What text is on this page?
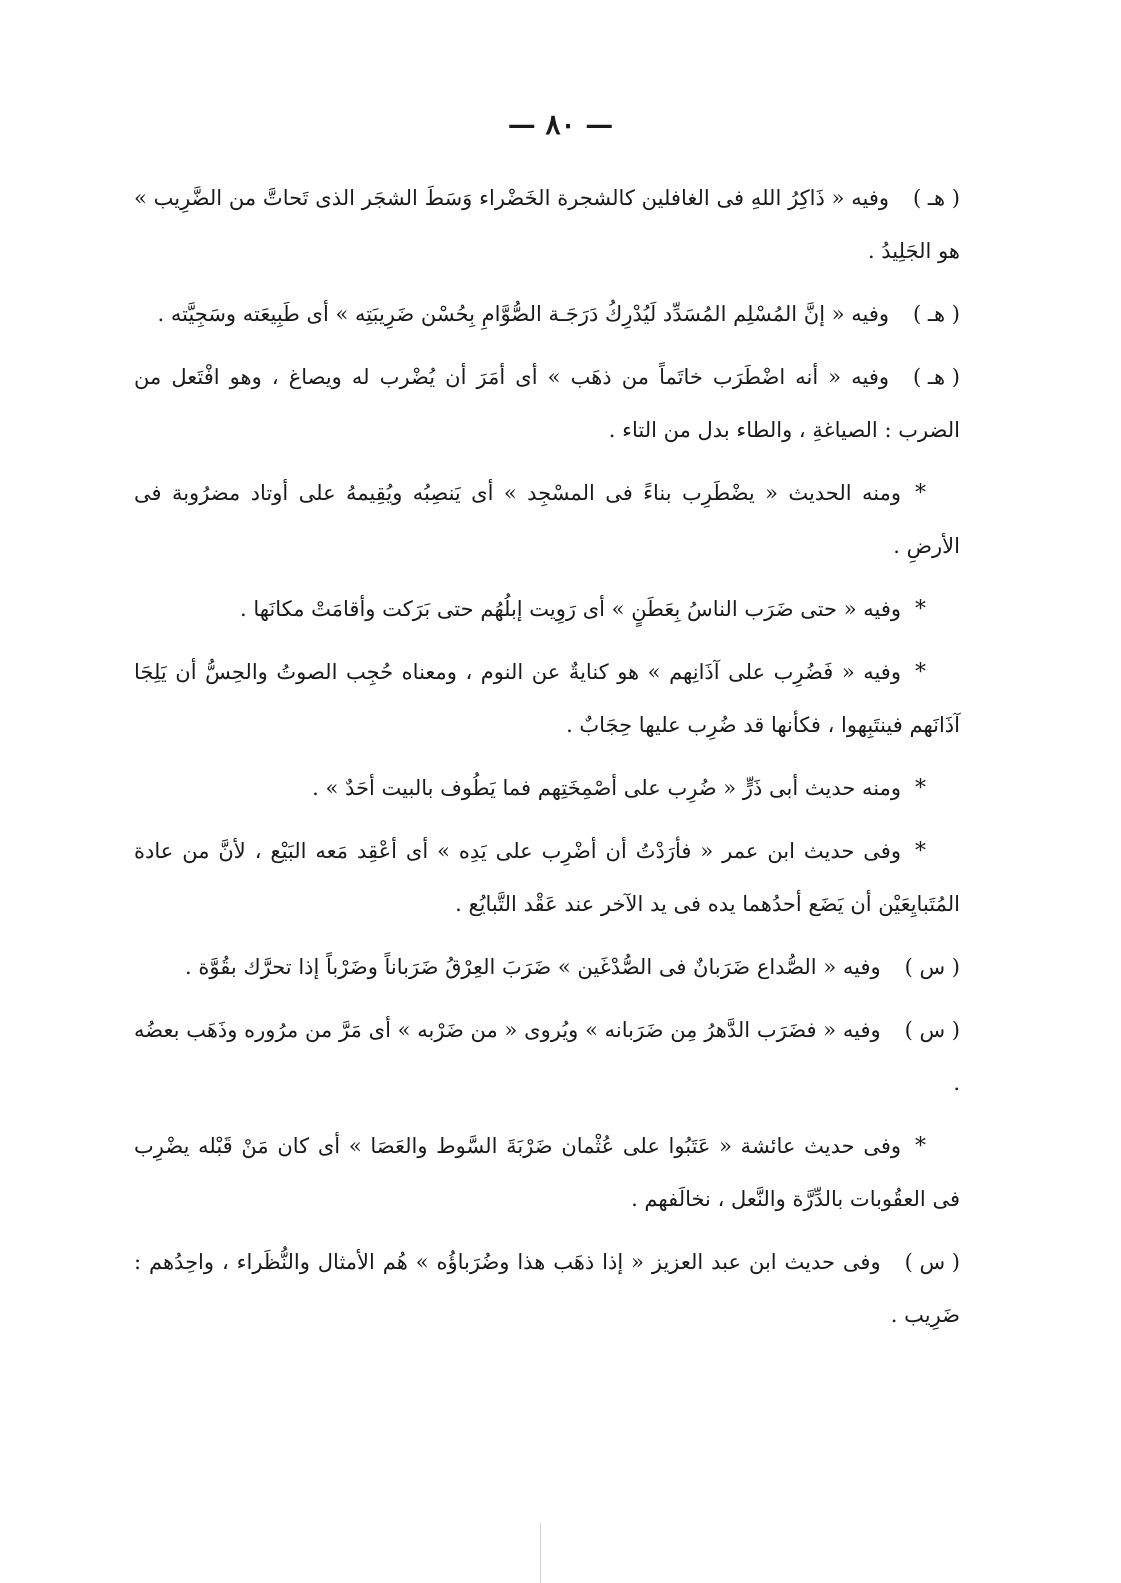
— ٨٠ —

( هـ )وفيه « ذَاكِرُ اللهِ فى الغافلين كالشجرة الخَضْراء وَسَطَ الشجَر الذى تَحاتَّ من الضَّرِيب » هو الجَلِيدُ .

( هـ )وفيه « إنَّ المُسْلِم المُسَدِّد لَيُدْرِكُ دَرَجَـة الصُّوَّامِ بِحُسْن ضَرِيبَتِه » أى طَبِيعَته وسَجِيَّته .

( هـ )وفيه « أنه اضْطَرَب خاتَماً من ذهَب » أى أمَرَ أن يُضْرب له ويصاغ ، وهو افْتَعل من الضرب : الصياغةِ ، والطاء بدل من التاء .

*ومنه الحديث « يضْطَرِب بناءً فى المسْجِد » أى يَنصِبُه ويُقِيمهُ على أوتاد مضرُوبة فى الأرضِ .

*وفيه « حتى ضَرَب الناسُ بِعَطَنٍ » أى رَوِيت إبلُهُم حتى بَرَكت وأقامَتْ مكانَها .

*وفيه « فَضُرِب على آذَانِهم » هو كنايةٌ عن النوم ، ومعناه حُجِب الصوتُ والحِسُّ أن يَلِجَا آذَانَهم فينتَبِهوا ، فكأنها قد ضُرِب عليها حِجَابٌ .

*ومنه حديث أبى ذَرٍّ « ضُرِب على أصْمِخَتِهم فما يَطُوف بالبيت أحَدٌ » .

*وفى حديث ابن عمر « فأرَدْتُ أن أضْرِب على يَدِه » أى أعْقِد مَعه البَيْع ، لأنَّ من عادة المُتَبايِعَيْن أن يَضَع أحدُهما يده فى يد الآخر عند عَقْد التَّبايُع .

( س )وفيه « الصُّداع ضَرَبانٌ فى الصُّدْغَين » ضَرَبَ العِرْقُ ضَرَباناً وضَرْباً إذا تحرَّك بقُوَّة .

( س )وفيه « فضَرَب الدَّهرُ مِن ضَرَبانه » ويُروى « من ضَرْبه » أى مَرَّ من مرُوره وذَهَب بعضُه .

*وفى حديث عائشة « عَتَبُوا على عُثْمان ضَرْبَةَ السَّوط والعَصَا » أى كان مَنْ قَبْله يضْرِب فى العقُوبات بالدِّرَّة والنَّعل ، نخالَفهم .

( س )وفى حديث ابن عبد العزيز « إذا ذهَب هذا وضُرَباؤُه » هُم الأمثال والنُّظَراء ، واحِدُهم : ضَرِيب .
